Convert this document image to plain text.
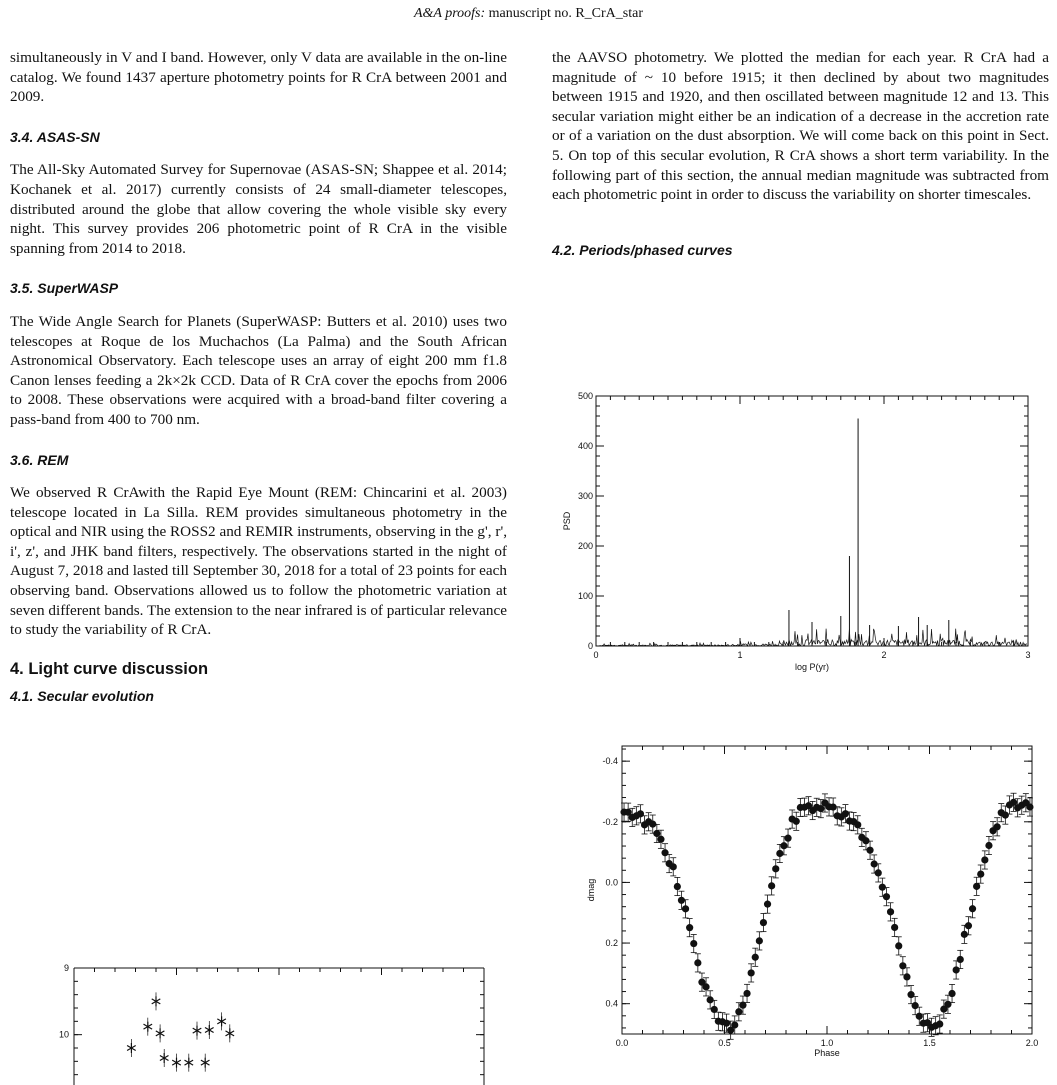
A&A proofs: manuscript no. R_CrA_star

simultaneously in V and I band. However, only V data are available in the on-line catalog. We found 1437 aperture photometry points for R CrA between 2001 and 2009.

3.4. ASAS-SN

The All-Sky Automated Survey for Supernovae (ASAS-SN; Shappee et al. 2014; Kochanek et al. 2017) currently consists of 24 small-diameter telescopes, distributed around the globe that allow covering the whole visible sky every night. This survey provides 206 photometric point of R CrA in the visible spanning from 2014 to 2018.

3.5. SuperWASP

The Wide Angle Search for Planets (SuperWASP: Butters et al. 2010) uses two telescopes at Roque de los Muchachos (La Palma) and the South African Astronomical Observatory. Each telescope uses an array of eight 200 mm f1.8 Canon lenses feeding a 2k×2k CCD. Data of R CrA cover the epochs from 2006 to 2008. These observations were acquired with a broad-band filter covering a pass-band from 400 to 700 nm.

3.6. REM

We observed R CrAwith the Rapid Eye Mount (REM: Chincarini et al. 2003) telescope located in La Silla. REM provides simultaneous photometry in the optical and NIR using the ROSS2 and REMIR instruments, observing in the g', r', i', z', and JHK band filters, respectively. The observations started in the night of August 7, 2018 and lasted till September 30, 2018 for a total of 23 points for each observing band. Observations allowed us to follow the photometric variation at seven different bands. The extension to the near infrared is of particular relevance to study the variability of R CrA.

4. Light curve discussion
4.1. Secular evolution

the AAVSO photometry. We plotted the median for each year. R CrA had a magnitude of ~ 10 before 1915; it then declined by about two magnitudes between 1915 and 1920, and then oscillated between magnitude 12 and 13. This secular variation might either be an indication of a decrease in the accretion rate or of a variation on the dust absorption. We will come back on this point in Sect. 5. On top of this secular evolution, R CrA shows a short term variability. In the following part of this section, the annual median magnitude was subtracted from each photometric point in order to discuss the variability on shorter timescales.

4.2. Periods/phased curves
0	1	2	3
0
100
200
300
400
500
log P(yr)
PSD
0.0	0.5	1.0	1.5	2.0
-0.4
-0.2
0.0
0.2
0.4
Phase
dmag
9
10
